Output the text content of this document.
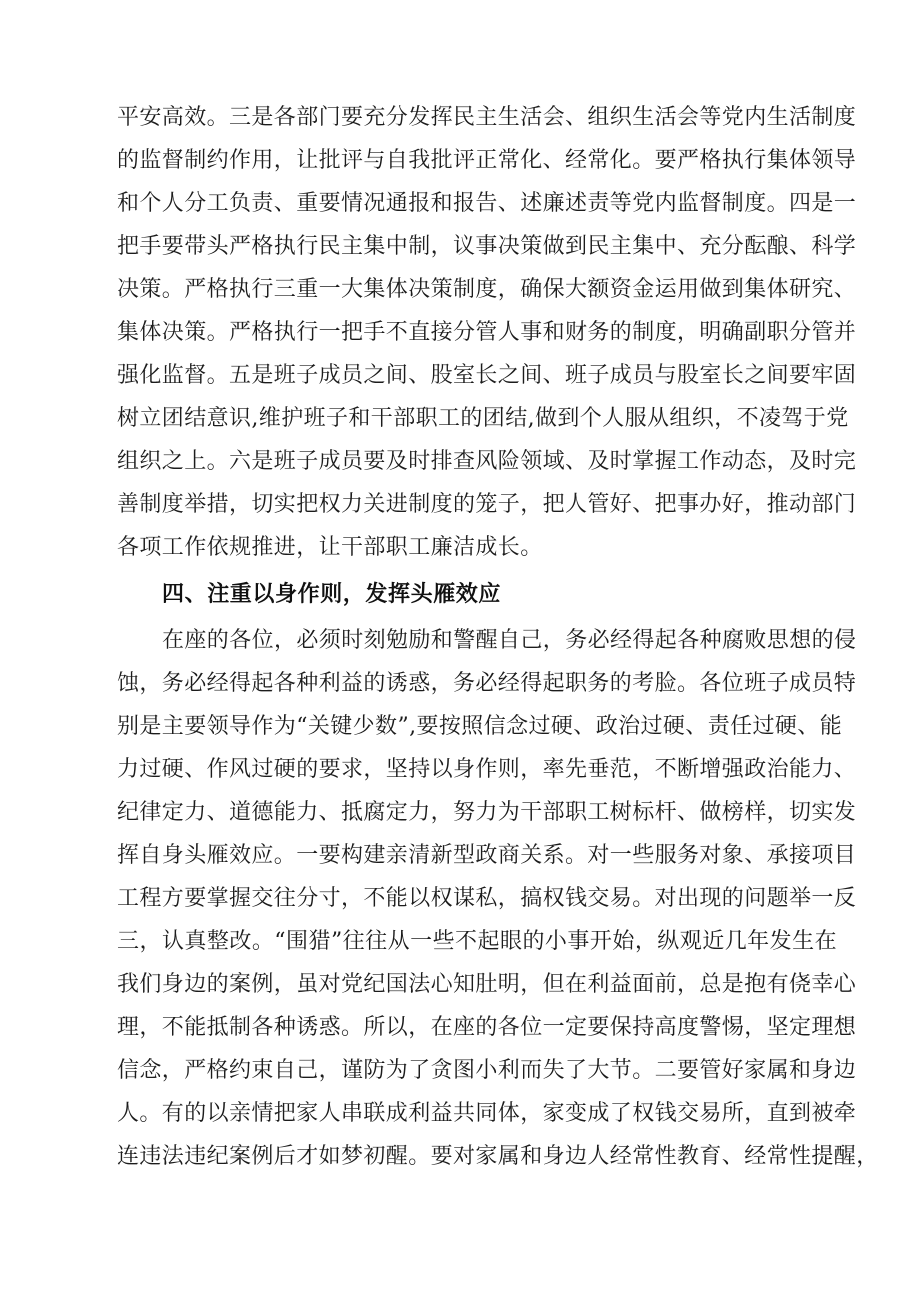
平安高效。三是各部门要充分发挥民主生活会、组织生活会等党内生活制度
的监督制约作用，让批评与自我批评正常化、经常化。要严格执行集体领导
和个人分工负责、重要情况通报和报告、述廉述责等党内监督制度。四是一
把手要带头严格执行民主集中制，议事决策做到民主集中、充分酝酿、科学
决策。严格执行三重一大集体决策制度，确保大额资金运用做到集体研究、
集体决策。严格执行一把手不直接分管人事和财务的制度，明确副职分管并
强化监督。五是班子成员之间、股室长之间、班子成员与股室长之间要牢固
树立团结意识,维护班子和干部职工的团结,做到个人服从组织，不凌驾于党
组织之上。六是班子成员要及时排查风险领域、及时掌握工作动态，及时完
善制度举措，切实把权力关进制度的笼子，把人管好、把事办好，推动部门
各项工作依规推进，让干部职工廉洁成长。
四、注重以身作则，发挥头雁效应
在座的各位，必须时刻勉励和警醒自己，务必经得起各种腐败思想的侵
蚀，务必经得起各种利益的诱惑，务必经得起职务的考脸。各位班子成员特
别是主要领导作为“关键少数”,要按照信念过硬、政治过硬、责任过硬、能
力过硬、作风过硬的要求，坚持以身作则，率先垂范，不断增强政治能力、
纪律定力、道德能力、抵腐定力，努力为干部职工树标杆、做榜样，切实发
挥自身头雁效应。一要构建亲清新型政商关系。对一些服务对象、承接项目
工程方要掌握交往分寸，不能以权谋私，搞权钱交易。对出现的问题举一反
三，认真整改。“围猎”往往从一些不起眼的小事开始，纵观近几年发生在
我们身边的案例，虽对党纪国法心知肚明，但在利益面前，总是抱有侥幸心
理，不能抵制各种诱惑。所以，在座的各位一定要保持高度警惕，坚定理想
信念，严格约束自己，谨防为了贪图小利而失了大节。二要管好家属和身边
人。有的以亲情把家人串联成利益共同体，家变成了权钱交易所，直到被牵
连违法违纪案例后才如梦初醒。要对家属和身边人经常性教育、经常性提醒，
